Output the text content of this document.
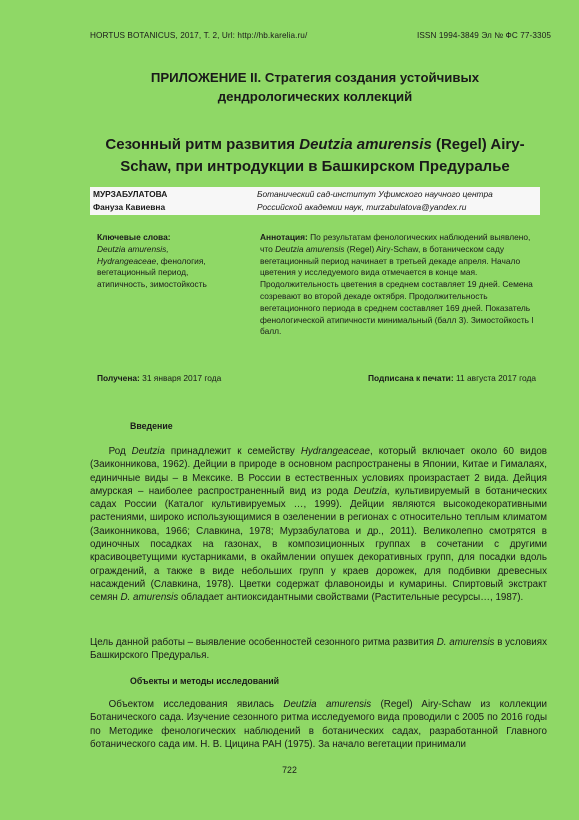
HORTUS BOTANICUS, 2017, Т. 2, Url: http://hb.karelia.ru/	ISSN 1994-3849 Эл № ФС 77-3305
ПРИЛОЖЕНИЕ II. Стратегия создания устойчивых
дендрологических коллекций
Сезонный ритм развития Deutzia amurensis (Regel) Airy-Schaw, при интродукции в Башкирском Предуралье
МУРЗАБУЛАТОВА
Фануза Кавиевна
Ботанический сад-институт Уфимского научного центра
Российской академии наук, murzabulatova@yandex.ru
Ключевые слова:
Deutzia amurensis,
Hydrangeaceae, фенология,
вегетационный период,
атипичность, зимостойкость
Аннотация: По результатам фенологических наблюдений выявлено, что Deutzia amurensis (Regel) Airy-Schaw, в ботаническом саду вегетационный период начинает в третьей декаде апреля. Начало цветения у исследуемого вида отмечается в конце мая. Продолжительность цветения в среднем составляет 19 дней. Семена созревают во второй декаде октября. Продолжительность вегетационного периода в среднем составляет 169 дней. Показатель фенологической атипичности минимальный (балл 3). Зимостойкость I балл.
Получена: 31 января 2017 года	Подписана к печати: 11 августа 2017 года
Введение
Род Deutzia принадлежит к семейству Hydrangeaceae, который включает около 60 видов (Заиконникова, 1962). Дейции в природе в основном распространены в Японии, Китае и Гималаях, единичные виды – в Мексике. В России в естественных условиях произрастает 2 вида. Дейция амурская – наиболее распространенный вид из рода Deutzia, культивируемый в ботанических садах России (Каталог культивируемых …, 1999). Дейции являются высокодекоративными растениями, широко использующимися в озеленении в регионах с относительно теплым климатом (Заиконникова, 1966; Славкина, 1978; Мурзабулатова и др., 2011). Великолепно смотрятся в одиночных посадках на газонах, в композиционных группах в сочетании с другими красивоцветущими кустарниками, в окаймлении опушек декоративных групп, для посадки вдоль ограждений, а также в виде небольших групп у краев дорожек, для подбивки древесных насаждений (Славкина, 1978). Цветки содержат флавоноиды и кумарины. Спиртовый экстракт семян D. amurensis обладает антиоксидантными свойствами (Растительные ресурсы…, 1987).
Цель данной работы – выявление особенностей сезонного ритма развития D. amurensis в условиях Башкирского Предуралья.
Объекты и методы исследований
Объектом исследования явилась Deutzia amurensis (Regel) Airy-Schaw из коллекции Ботанического сада. Изучение сезонного ритма исследуемого вида проводили с 2005 по 2016 годы по Методике фенологических наблюдений в ботанических садах, разработанной Главного ботанического сада им. Н. В. Цицина РАН (1975). За начало вегетации принимали
722
